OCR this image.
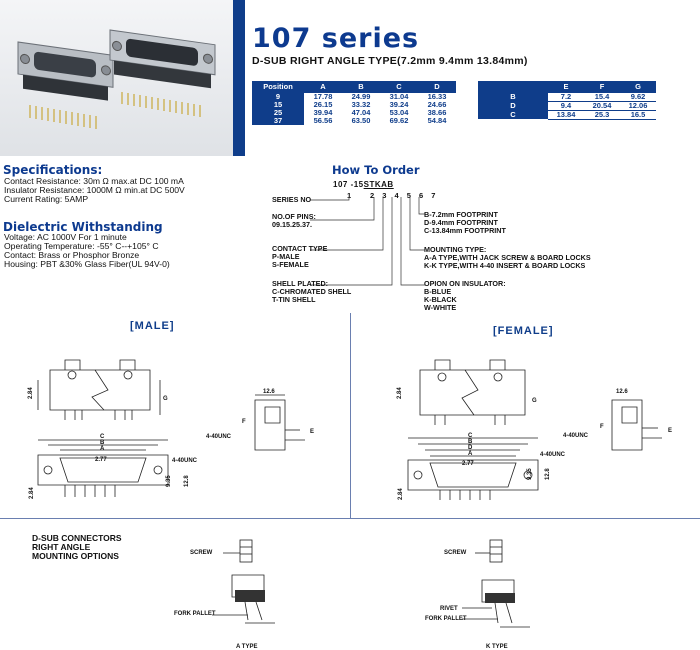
107 series
D-SUB RIGHT ANGLE TYPE(7.2mm 9.4mm 13.84mm)
Position	A	B	C	D
9	17.78	24.99	31.04	16.33
15	26.15	33.32	39.24	24.66
25	39.94	47.04	53.04	38.66
37	56.56	63.50	69.62	54.84
	E	F	G
B	7.2	15.4	9.62
D	9.4	20.54	12.06
C	13.84	25.3	16.5
Specifications:
Contact Resistance: 30m Ω max.at DC 100 mA
Insulator Resistance: 1000M Ω min.at DC 500V
Current Rating: 5AMP
Dielectric Withstanding
Voltage: AC 1000V For 1 minute
Operating Temperature: -55° C--+105° C
Contact: Brass or Phosphor Bronze
Housing: PBT &30% Glass Fiber(UL 94V-0)
How To Order
107 -15STKAB
1	2 3 4 5 6 7
SERIES NO
NO.OF PINS:
09.15.25.37.
CONTACT TYPE
P-MALE
S-FEMALE
SHELL PLATED:
C-CHROMATED SHELL
T-TIN SHELL
B-7.2mm FOOTPRINT
D-9.4mm FOOTPRINT
C-13.84mm FOOTPRINT
MOUNTING TYPE:
A-A TYPE,WITH JACK SCREW & BOARD LOCKS
K-K TYPE,WITH 4-40 INSERT & BOARD LOCKS
OPION ON INSULATOR:
B-BLUE
K-BLACK
W-WHITE
[MALE]	[FEMALE]
2.84	G
C
B
A
2.77	4-40UNC
9.35 12.8
2.84
12.6
F
E
4-40UNC
2.84
G
C
B
D
A
2.77
4-40UNC
9.35 12.8
2.84
12.6
F
E
4-40UNC
D-SUB CONNECTORS
RIGHT ANGLE
MOUNTING OPTIONS	SCREW
FORK PALLET
A TYPE
SCREW
RIVET
FORK PALLET
K TYPE
